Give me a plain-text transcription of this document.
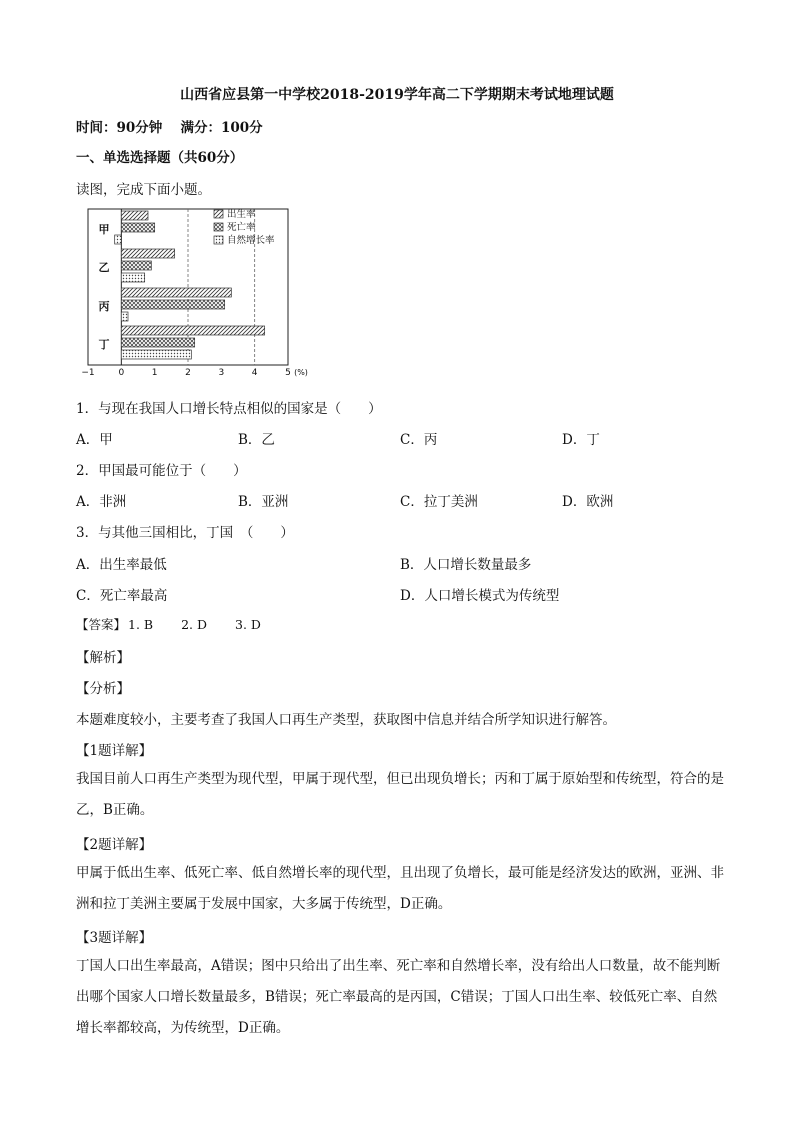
山西省应县第一中学校2018-2019学年高二下学期期末考试地理试题
时间：90分钟　 满分：100分
一、单选选择题（共60分）
读图，完成下面小题。
甲
乙
丙
丁
−1	0	1	2	3	4	5 (%)
出生率
死亡率
自然增长率
1．与现在我国人口增长特点相似的国家是（　　）
A．甲	B．乙	C．丙	D．丁
2．甲国最可能位于（　　）
A．非洲	B．亚洲	C．拉丁美洲	D．欧洲
3．与其他三国相比，丁国　（　　）
A．出生率最低	B．人口增长数量最多
C．死亡率最高	D．人口增长模式为传统型
【答案】 1. B 2. D 3. D
【解析】
【分析】
本题难度较小，主要考查了我国人口再生产类型，获取图中信息并结合所学知识进行解答。
【1题详解】
我国目前人口再生产类型为现代型，甲属于现代型，但已出现负增长；丙和丁属于原始型和传统型，符合的是乙，B正确。
【2题详解】
甲属于低出生率、低死亡率、低自然增长率的现代型，且出现了负增长，最可能是经济发达的欧洲，亚洲、非洲和拉丁美洲主要属于发展中国家，大多属于传统型，D正确。
【3题详解】
丁国人口出生率最高，A错误；图中只给出了出生率、死亡率和自然增长率，没有给出人口数量，故不能判断出哪个国家人口增长数量最多，B错误；死亡率最高的是丙国，C错误；丁国人口出生率、较低死亡率、自然增长率都较高，为传统型，D正确。
